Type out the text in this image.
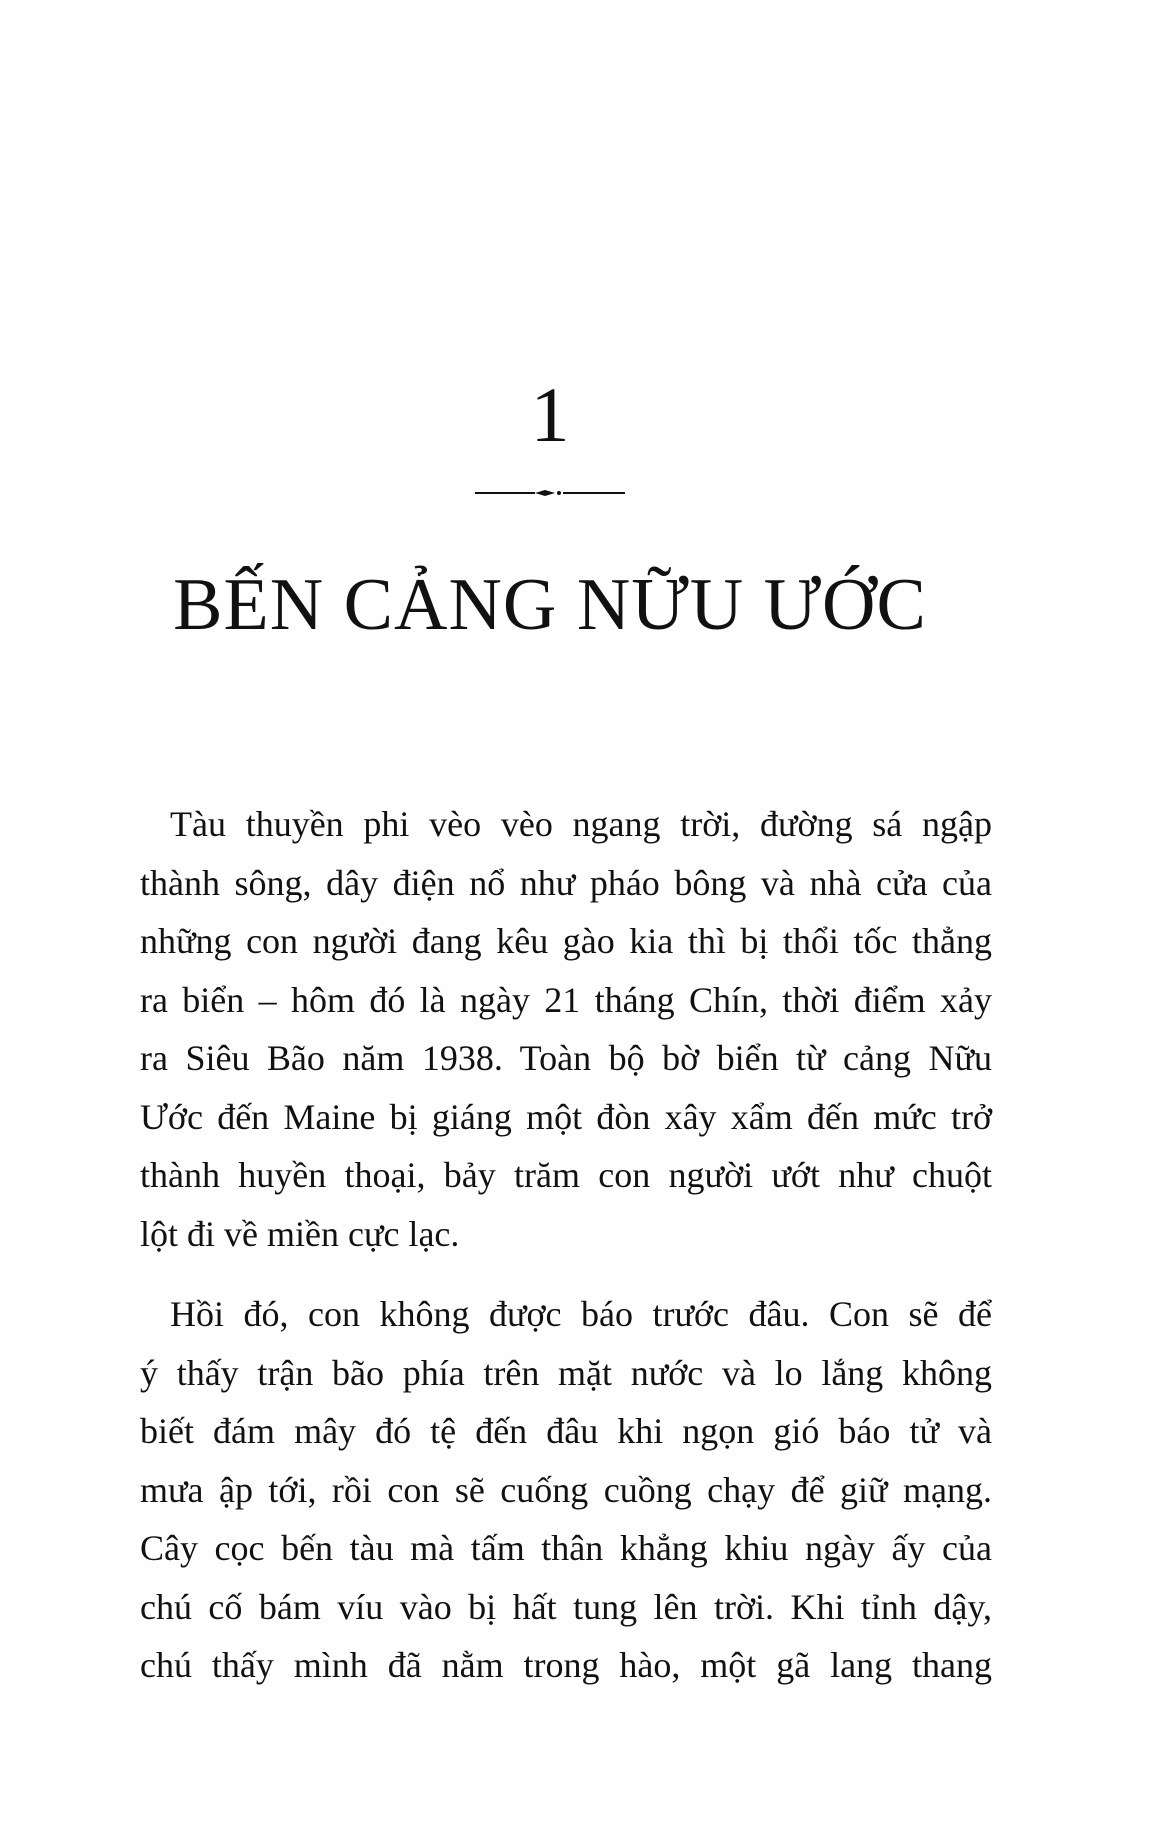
1
BẾN CẢNG NỮU ƯỚC

Tàu thuyền phi vèo vèo ngang trời, đường sá ngập
thành sông, dây điện nổ như pháo bông và nhà cửa của
những con người đang kêu gào kia thì bị thổi tốc thẳng
ra biển – hôm đó là ngày 21 tháng Chín, thời điểm xảy
ra Siêu Bão năm 1938. Toàn bộ bờ biển từ cảng Nữu
Ước đến Maine bị giáng một đòn xây xẩm đến mức trở
thành huyền thoại, bảy trăm con người ướt như chuột
lột đi về miền cực lạc.

Hồi đó, con không được báo trước đâu. Con sẽ để
ý thấy trận bão phía trên mặt nước và lo lắng không
biết đám mây đó tệ đến đâu khi ngọn gió báo tử và
mưa ập tới, rồi con sẽ cuống cuồng chạy để giữ mạng.
Cây cọc bến tàu mà tấm thân khẳng khiu ngày ấy của
chú cố bám víu vào bị hất tung lên trời. Khi tỉnh dậy,
chú thấy mình đã nằm trong hào, một gã lang thang
